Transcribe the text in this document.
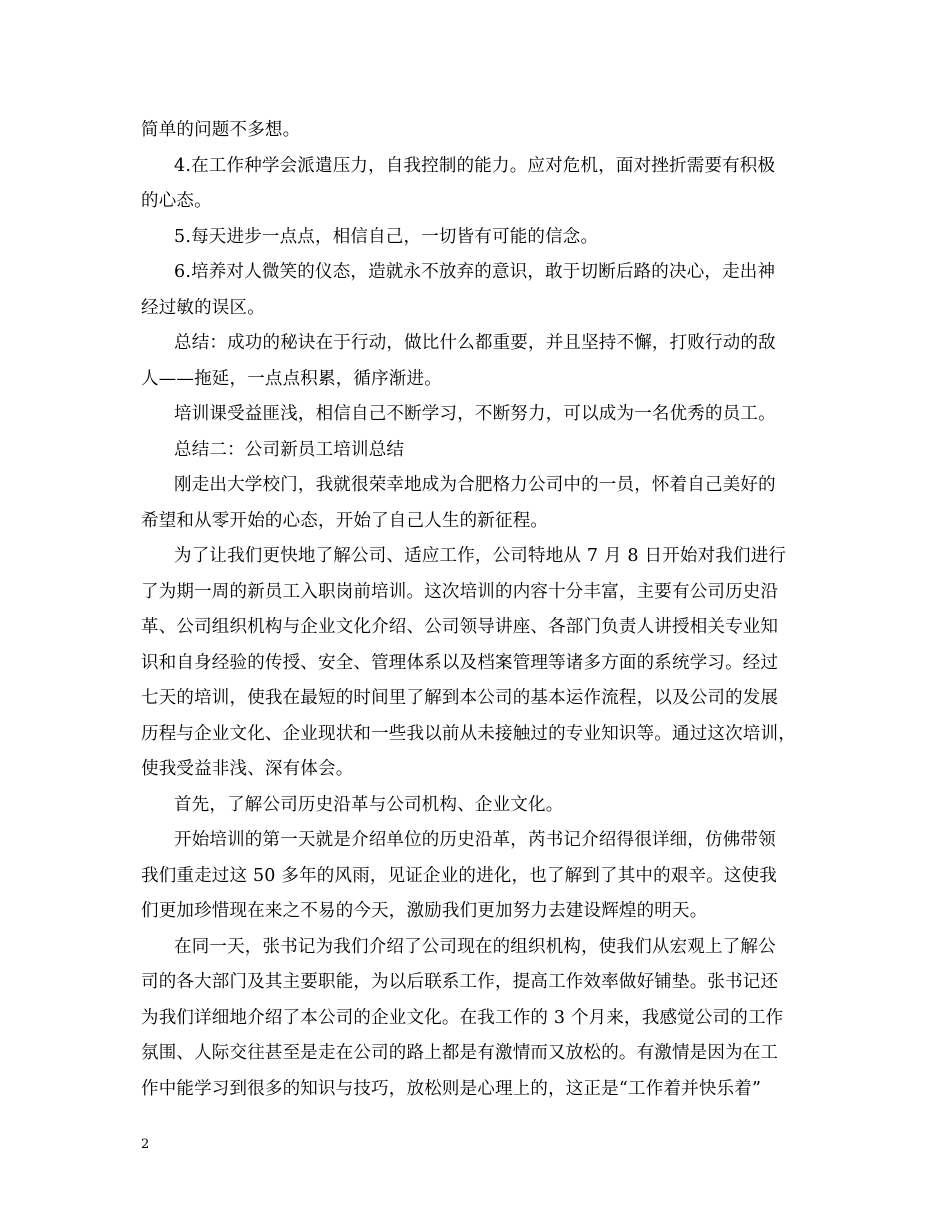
简单的问题不多想。
4.在工作种学会派遣压力，自我控制的能力。应对危机，面对挫折需要有积极
的心态。
5.每天进步一点点，相信自己，一切皆有可能的信念。
6.培养对人微笑的仪态，造就永不放弃的意识，敢于切断后路的决心，走出神
经过敏的误区。
总结：成功的秘诀在于行动，做比什么都重要，并且坚持不懈，打败行动的敌
人——拖延，一点点积累，循序渐进。
培训课受益匪浅，相信自己不断学习，不断努力，可以成为一名优秀的员工。
总结二：公司新员工培训总结
刚走出大学校门，我就很荣幸地成为合肥格力公司中的一员，怀着自己美好的
希望和从零开始的心态，开始了自己人生的新征程。
为了让我们更快地了解公司、适应工作，公司特地从 7 月 8 日开始对我们进行
了为期一周的新员工入职岗前培训。这次培训的内容十分丰富，主要有公司历史沿
革、公司组织机构与企业文化介绍、公司领导讲座、各部门负责人讲授相关专业知
识和自身经验的传授、安全、管理体系以及档案管理等诸多方面的系统学习。经过
七天的培训，使我在最短的时间里了解到本公司的基本运作流程，以及公司的发展
历程与企业文化、企业现状和一些我以前从未接触过的专业知识等。通过这次培训，
使我受益非浅、深有体会。
首先，了解公司历史沿革与公司机构、企业文化。
开始培训的第一天就是介绍单位的历史沿革，芮书记介绍得很详细，仿佛带领
我们重走过这 50 多年的风雨，见证企业的进化，也了解到了其中的艰辛。这使我
们更加珍惜现在来之不易的今天，激励我们更加努力去建设辉煌的明天。
在同一天，张书记为我们介绍了公司现在的组织机构，使我们从宏观上了解公
司的各大部门及其主要职能，为以后联系工作，提高工作效率做好铺垫。张书记还
为我们详细地介绍了本公司的企业文化。在我工作的 3 个月来，我感觉公司的工作
氛围、人际交往甚至是走在公司的路上都是有激情而又放松的。有激情是因为在工
作中能学习到很多的知识与技巧，放松则是心理上的，这正是“工作着并快乐着”
2
